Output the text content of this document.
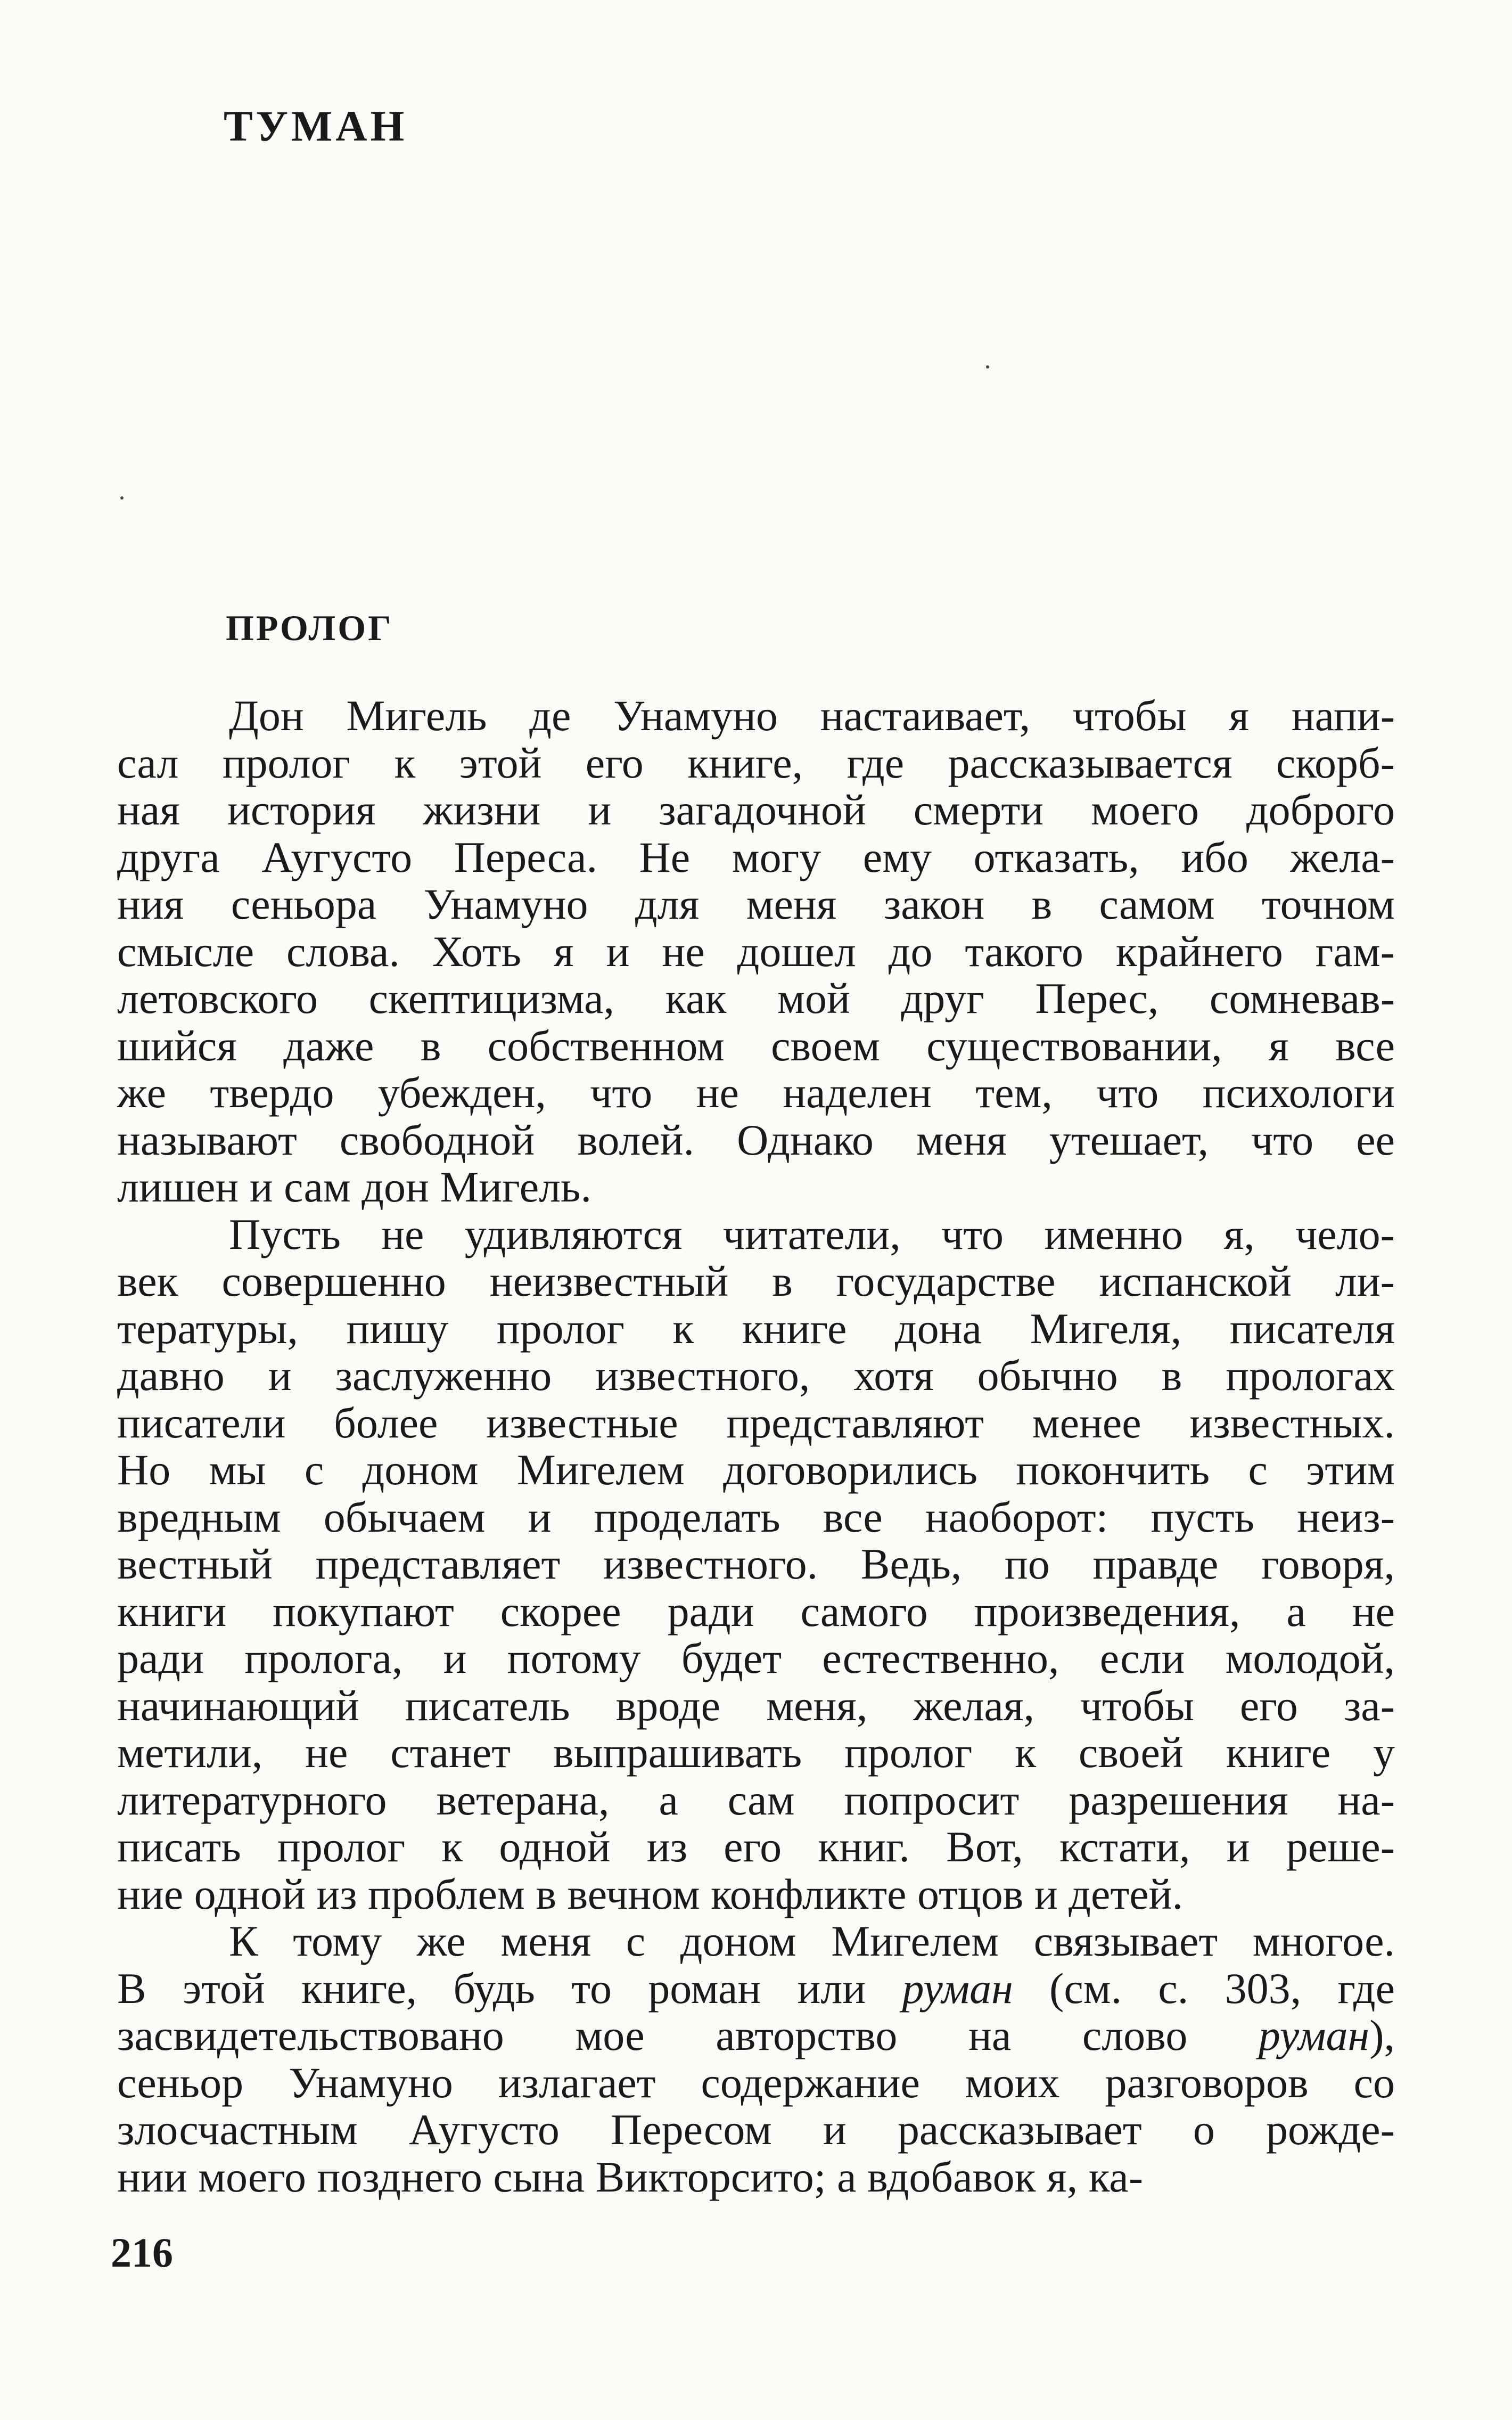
ТУМАН
ПРОЛОГ
Дон Мигель де Унамуно настаивает, чтобы я напи-
сал пролог к этой его книге, где рассказывается скорб-
ная история жизни и загадочной смерти моего доброго
друга Аугусто Переса. Не могу ему отказать, ибо жела-
ния сеньора Унамуно для меня закон в самом точном
смысле слова. Хоть я и не дошел до такого крайнего гам-
летовского скептицизма, как мой друг Перес, сомневав-
шийся даже в собственном своем существовании, я все
же твердо убежден, что не наделен тем, что психологи
называют свободной волей. Однако меня утешает, что ее
лишен и сам дон Мигель.
Пусть не удивляются читатели, что именно я, чело-
век совершенно неизвестный в государстве испанской ли-
тературы, пишу пролог к книге дона Мигеля, писателя
давно и заслуженно известного, хотя обычно в прологах
писатели более известные представляют менее известных.
Но мы с доном Мигелем договорились покончить с этим
вредным обычаем и проделать все наоборот: пусть неиз-
вестный представляет известного. Ведь, по правде говоря,
книги покупают скорее ради самого произведения, а не
ради пролога, и потому будет естественно, если молодой,
начинающий писатель вроде меня, желая, чтобы его за-
метили, не станет выпрашивать пролог к своей книге у
литературного ветерана, а сам попросит разрешения на-
писать пролог к одной из его книг. Вот, кстати, и реше-
ние одной из проблем в вечном конфликте отцов и детей.
К тому же меня с доном Мигелем связывает многое.
В этой книге, будь то роман или руман (см. с. 303, где
засвидетельствовано мое авторство на слово руман),
сеньор Унамуно излагает содержание моих разговоров со
злосчастным Аугусто Пересом и рассказывает о рожде-
нии моего позднего сына Викторсито; а вдобавок я, ка-
216
